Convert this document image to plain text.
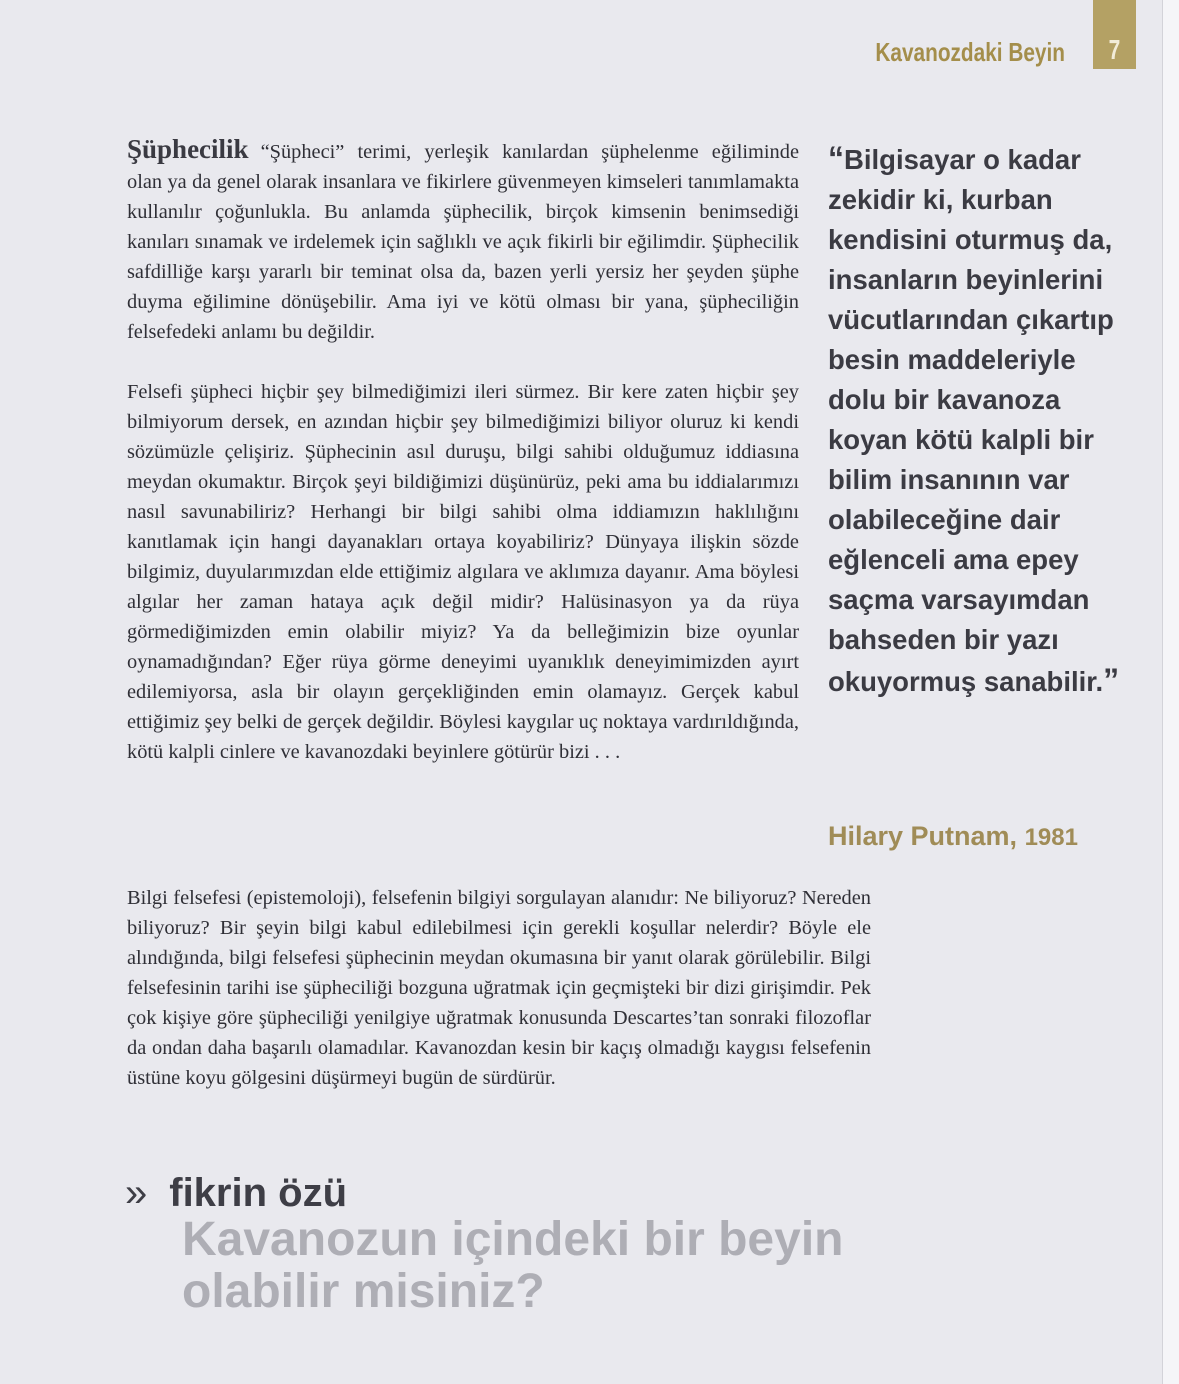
Kavanozdaki Beyin	7

Şüphecilik “Şüpheci” terimi, yerleşik kanılardan şüphelenme eğiliminde olan ya da genel olarak insanlara ve fikirlere güvenmeyen kimseleri tanımlamakta kullanılır çoğunlukla. Bu anlamda şüphecilik, birçok kimsenin benimsediği kanıları sınamak ve irdelemek için sağlıklı ve açık fikirli bir eğilimdir. Şüphecilik safdilliğe karşı yararlı bir teminat olsa da, bazen yerli yersiz her şeyden şüphe duyma eğilimine dönüşebilir. Ama iyi ve kötü olması bir yana, şüpheciliğin felsefedeki anlamı bu değildir.

Felsefi şüpheci hiçbir şey bilmediğimizi ileri sürmez. Bir kere zaten hiçbir şey bilmiyorum dersek, en azından hiçbir şey bilmediğimizi biliyor oluruz ki kendi sözümüzle çelişiriz. Şüphecinin asıl duruşu, bilgi sahibi olduğumuz iddiasına meydan okumaktır. Birçok şeyi bildiğimizi düşünürüz, peki ama bu iddialarımızı nasıl savunabiliriz? Herhangi bir bilgi sahibi olma iddiamızın haklılığını kanıtlamak için hangi dayanakları ortaya koyabiliriz? Dünyaya ilişkin sözde bilgimiz, duyularımızdan elde ettiğimiz algılara ve aklımıza dayanır. Ama böylesi algılar her zaman hataya açık değil midir? Halüsinasyon ya da rüya görmediğimizden emin olabilir miyiz? Ya da belleğimizin bize oyunlar oynamadığından? Eğer rüya görme deneyimi uyanıklık deneyimimizden ayırt edilemiyorsa, asla bir olayın gerçekliğinden emin olamayız. Gerçek kabul ettiğimiz şey belki de gerçek değildir. Böylesi kaygılar uç noktaya vardırıldığında, kötü kalpli cinlere ve kavanozdaki beyinlere götürür bizi . . .

Bilgi felsefesi (epistemoloji), felsefenin bilgiyi sorgulayan alanıdır: Ne biliyoruz? Nereden biliyoruz? Bir şeyin bilgi kabul edilebilmesi için gerekli koşullar nelerdir? Böyle ele alındığında, bilgi felsefesi şüphecinin meydan okumasına bir yanıt olarak görülebilir. Bilgi felsefesinin tarihi ise şüpheciliği bozguna uğratmak için geçmişteki bir dizi girişimdir. Pek çok kişiye göre şüpheciliği yenilgiye uğratmak konusunda Descartes’tan sonraki filozoflar da ondan daha başarılı olamadılar. Kavanozdan kesin bir kaçış olmadığı kaygısı felsefenin üstüne koyu gölgesini düşürmeyi bugün de sürdürür.

“Bilgisayar o kadar zekidir ki, kurban kendisini oturmuş da, insanların beyinlerini vücutlarından çıkartıp besin maddeleriyle dolu bir kavanoza koyan kötü kalpli bir bilim insanının var olabileceğine dair eğlenceli ama epey saçma varsayımdan bahseden bir yazı okuyormuş sanabilir.”
Hilary Putnam, 1981
» fikrin özü
Kavanozun içindeki bir beyin
olabilir misiniz?
